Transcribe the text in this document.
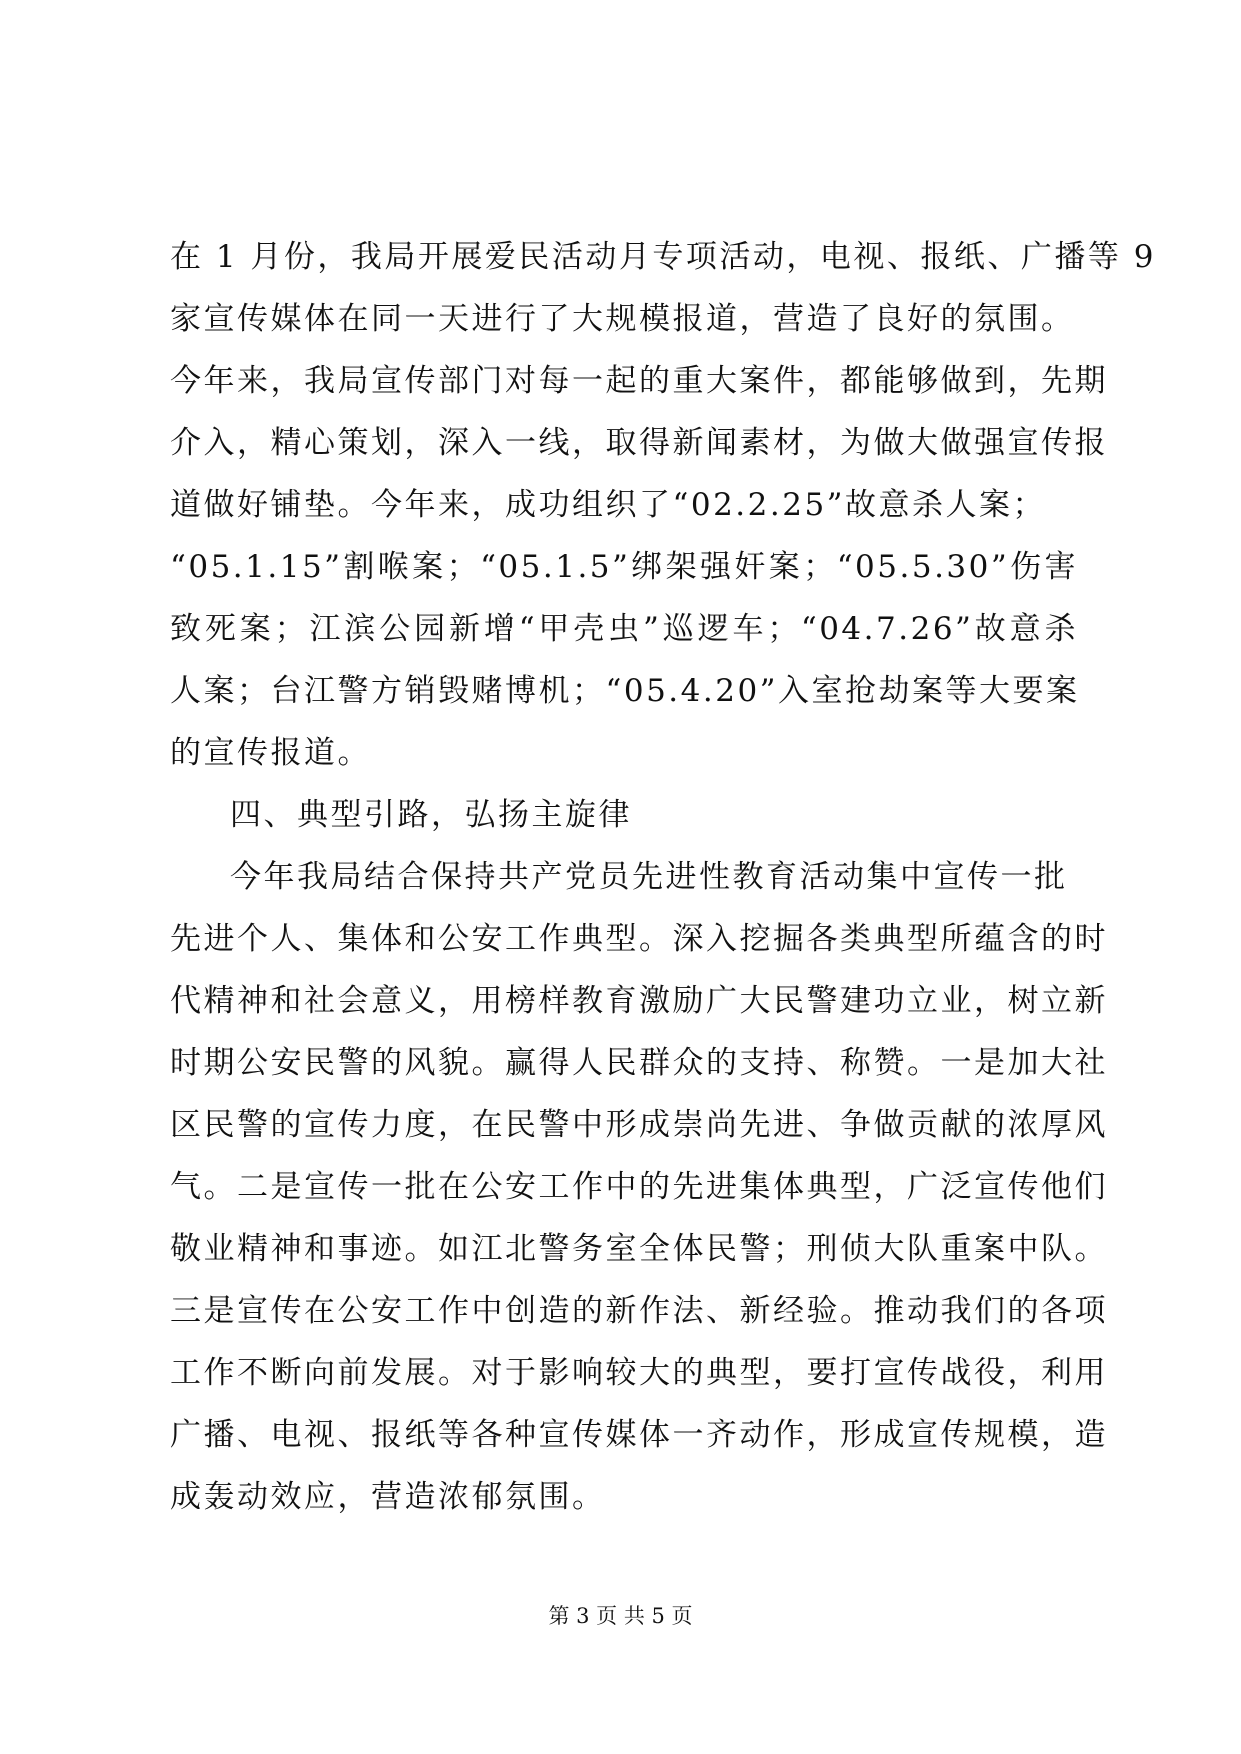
在 1 月份，我局开展爱民活动月专项活动，电视、报纸、广播等 9
家宣传媒体在同一天进行了大规模报道，营造了良好的氛围。
今年来，我局宣传部门对每一起的重大案件，都能够做到，先期
介入，精心策划，深入一线，取得新闻素材，为做大做强宣传报
道做好铺垫。今年来，成功组织了“02.2.25”故意杀人案；
“05.1.15”割喉案；“05.1.5”绑架强奸案；“05.5.30”伤害
致死案；江滨公园新增“甲壳虫”巡逻车；“04.7.26”故意杀
人案；台江警方销毁赌博机；“05.4.20”入室抢劫案等大要案
的宣传报道。
四、典型引路，弘扬主旋律
今年我局结合保持共产党员先进性教育活动集中宣传一批
先进个人、集体和公安工作典型。深入挖掘各类典型所蕴含的时
代精神和社会意义，用榜样教育激励广大民警建功立业，树立新
时期公安民警的风貌。赢得人民群众的支持、称赞。一是加大社
区民警的宣传力度，在民警中形成崇尚先进、争做贡献的浓厚风
气。二是宣传一批在公安工作中的先进集体典型，广泛宣传他们
敬业精神和事迹。如江北警务室全体民警；刑侦大队重案中队。
三是宣传在公安工作中创造的新作法、新经验。推动我们的各项
工作不断向前发展。对于影响较大的典型，要打宣传战役，利用
广播、电视、报纸等各种宣传媒体一齐动作，形成宣传规模，造
成轰动效应，营造浓郁氛围。
第 3 页 共 5 页
